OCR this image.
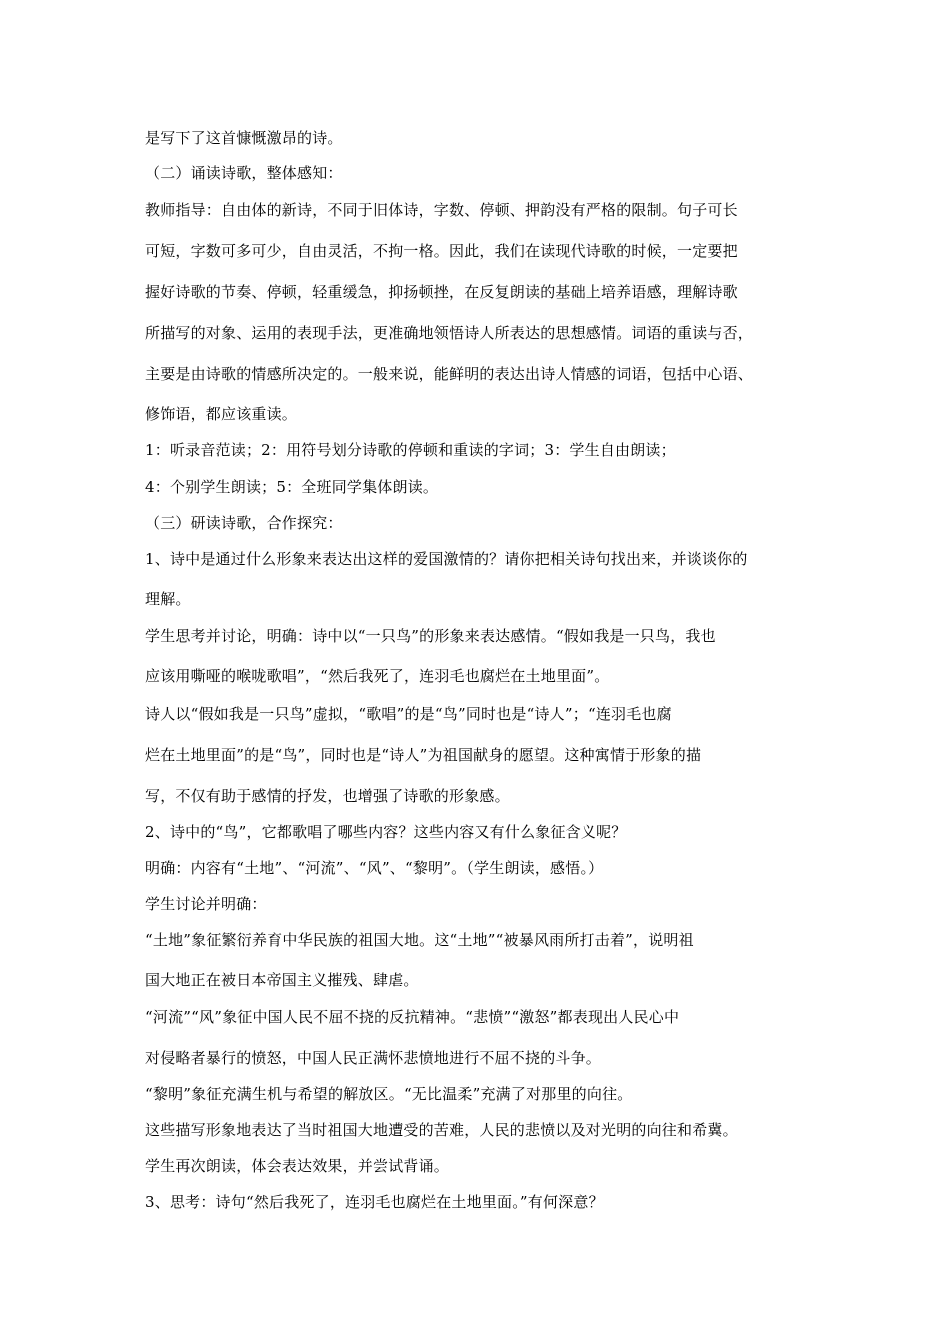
是写下了这首慷慨激昂的诗。
（二）诵读诗歌，整体感知：
教师指导：自由体的新诗，不同于旧体诗，字数、停顿、押韵没有严格的限制。句子可长
可短，字数可多可少，自由灵活，不拘一格。因此，我们在读现代诗歌的时候，一定要把
握好诗歌的节奏、停顿，轻重缓急，抑扬顿挫，在反复朗读的基础上培养语感，理解诗歌
所描写的对象、运用的表现手法，更准确地领悟诗人所表达的思想感情。词语的重读与否，
主要是由诗歌的情感所决定的。一般来说，能鲜明的表达出诗人情感的词语，包括中心语、
修饰语，都应该重读。
1：听录音范读；2：用符号划分诗歌的停顿和重读的字词；3：学生自由朗读；
4：个别学生朗读；5：全班同学集体朗读。
（三）研读诗歌，合作探究：
1、诗中是通过什么形象来表达出这样的爱国激情的？请你把相关诗句找出来，并谈谈你的
理解。
学生思考并讨论，明确：诗中以“一只鸟”的形象来表达感情。“假如我是一只鸟，我也
应该用嘶哑的喉咙歌唱”，“然后我死了，连羽毛也腐烂在土地里面”。
诗人以“假如我是一只鸟”虚拟，“歌唱”的是“鸟”同时也是“诗人”；“连羽毛也腐
烂在土地里面”的是“鸟”，同时也是“诗人”为祖国献身的愿望。这种寓情于形象的描
写，不仅有助于感情的抒发，也增强了诗歌的形象感。
2、诗中的“鸟”，它都歌唱了哪些内容？这些内容又有什么象征含义呢？
明确：内容有“土地”、“河流”、“风”、“黎明”。（学生朗读，感悟。）
学生讨论并明确：
“土地”象征繁衍养育中华民族的祖国大地。这“土地”“被暴风雨所打击着”，说明祖
国大地正在被日本帝国主义摧残、肆虐。
“河流”“风”象征中国人民不屈不挠的反抗精神。“悲愤”“激怒”都表现出人民心中
对侵略者暴行的愤怒，中国人民正满怀悲愤地进行不屈不挠的斗争。
“黎明”象征充满生机与希望的解放区。“无比温柔”充满了对那里的向往。
这些描写形象地表达了当时祖国大地遭受的苦难，人民的悲愤以及对光明的向往和希冀。
学生再次朗读，体会表达效果，并尝试背诵。
3、思考：诗句“然后我死了，连羽毛也腐烂在土地里面。”有何深意？
